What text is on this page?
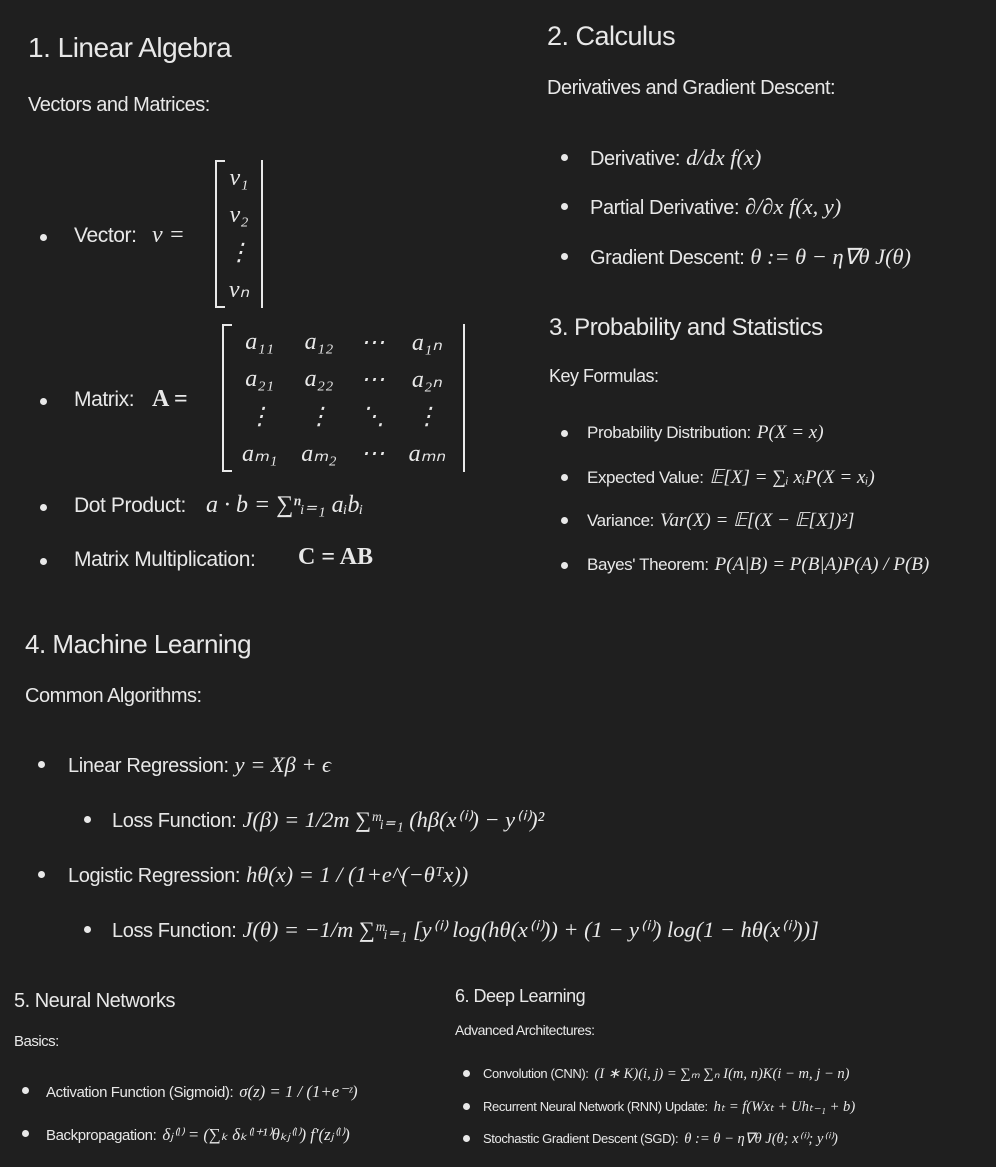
1. Linear Algebra
Vectors and Matrices:
Vector: v =
v₁
v₂
⋮
vₙ
Matrix: A =
a₁₁	a₁₂	⋯	a₁ₙ
a₂₁	a₂₂	⋯	a₂ₙ
⋮	⋮	⋱	⋮
aₘ₁	aₘ₂	⋯	aₘₙ
Dot Product: a · b = ∑ⁿᵢ₌₁ aᵢbᵢ
Matrix Multiplication: C = AB
2. Calculus
Derivatives and Gradient Descent:
Derivative: d/dx f(x)
Partial Derivative: ∂/∂x f(x, y)
Gradient Descent: θ := θ − η∇θ J(θ)
3. Probability and Statistics
Key Formulas:
Probability Distribution: P(X = x)
Expected Value: 𝔼[X] = ∑ᵢ xᵢP(X = xᵢ)
Variance: Var(X) = 𝔼[(X − 𝔼[X])²]
Bayes' Theorem: P(A|B) = P(B|A)P(A) / P(B)
4. Machine Learning
Common Algorithms:
Linear Regression: y = Xβ + ϵ
Loss Function: J(β) = 1/2m ∑ᵐᵢ₌₁ (hβ(x⁽ⁱ⁾) − y⁽ⁱ⁾)²
Logistic Regression: hθ(x) = 1 / (1+e^(−θᵀx))
Loss Function: J(θ) = −1/m ∑ᵐᵢ₌₁ [y⁽ⁱ⁾ log(hθ(x⁽ⁱ⁾)) + (1 − y⁽ⁱ⁾) log(1 − hθ(x⁽ⁱ⁾))]
5. Neural Networks
Basics:
Activation Function (Sigmoid): σ(z) = 1 / (1+e⁻ᶻ)
Backpropagation: δⱼ⁽ˡ⁾ = (∑ₖ δₖ⁽ˡ⁺¹⁾θₖⱼ⁽ˡ⁾) f′(zⱼ⁽ˡ⁾)
6. Deep Learning
Advanced Architectures:
Convolution (CNN): (I ∗ K)(i, j) = ∑ₘ ∑ₙ I(m, n)K(i − m, j − n)
Recurrent Neural Network (RNN) Update: hₜ = f(Wxₜ + Uhₜ₋₁ + b)
Stochastic Gradient Descent (SGD): θ := θ − η∇θ J(θ; x⁽ⁱ⁾; y⁽ⁱ⁾)
